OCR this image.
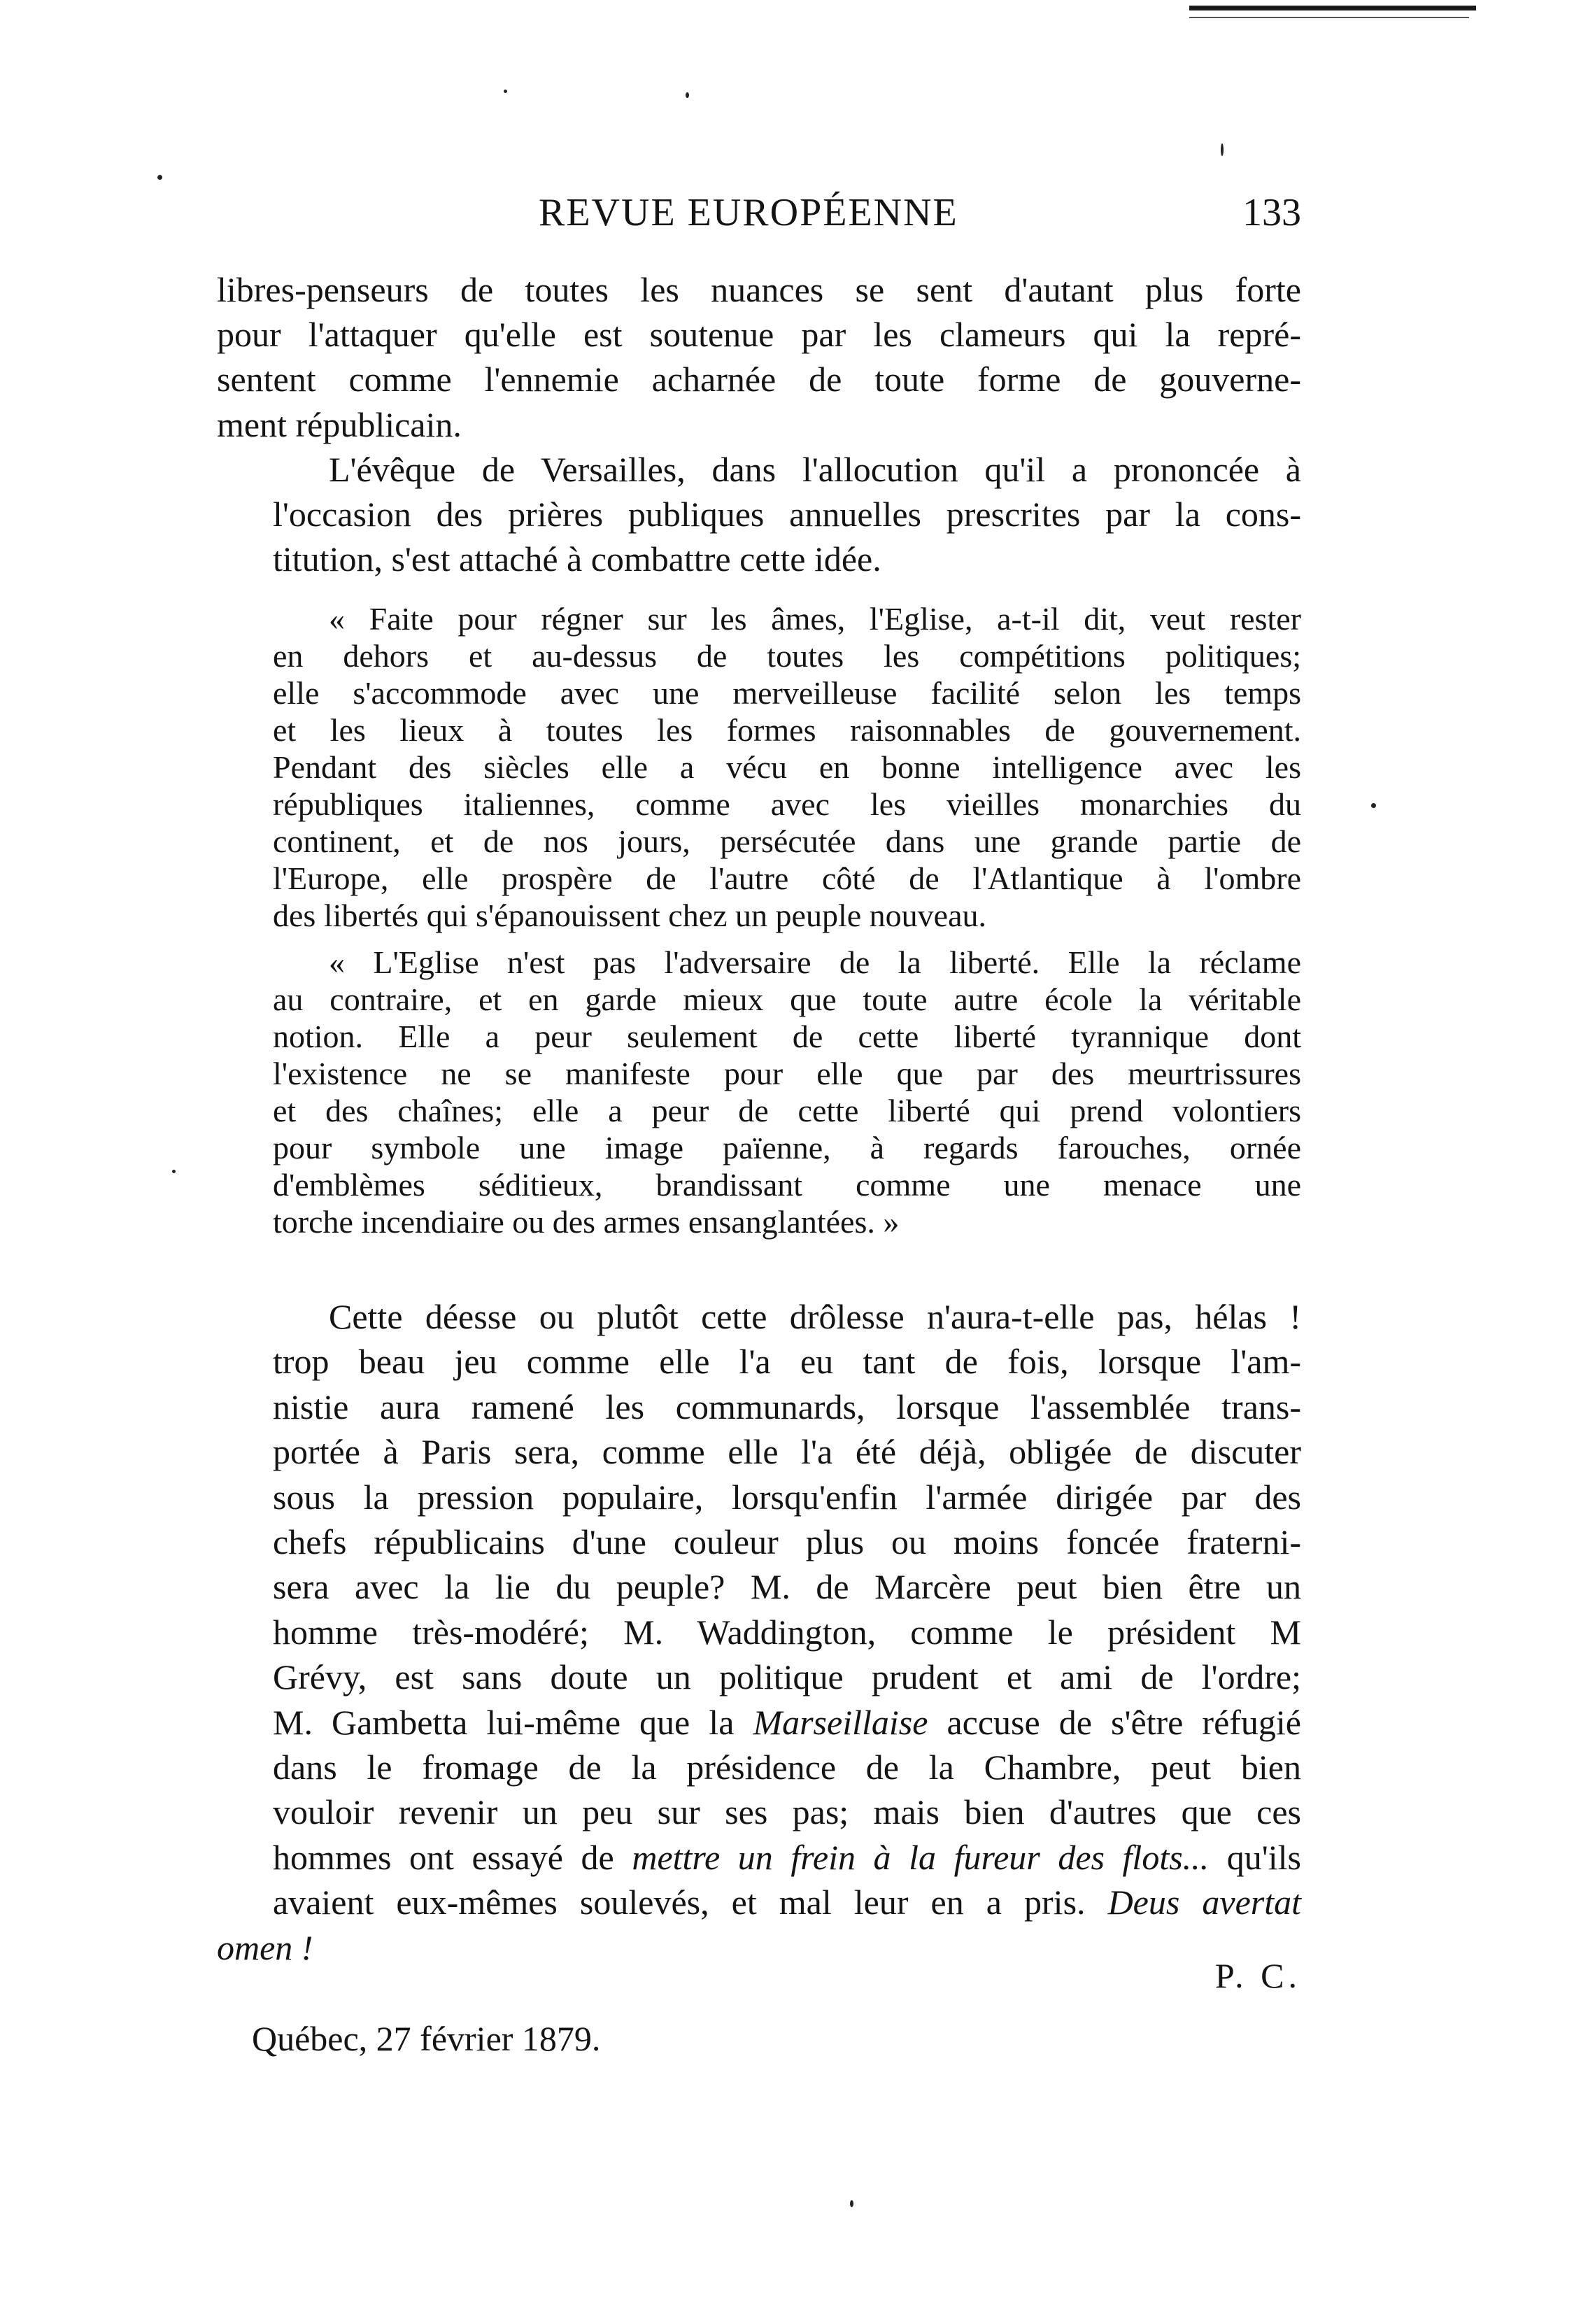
REVUE EUROPÉENNE	133

libres-penseurs de toutes les nuances se sent d'autant plus forte
pour l'attaquer qu'elle est soutenue par les clameurs qui la repré-
sentent comme l'ennemie acharnée de toute forme de gouverne-
ment républicain.

L'évêque de Versailles, dans l'allocution qu'il a prononcée à
l'occasion des prières publiques annuelles prescrites par la cons-
titution, s'est attaché à combattre cette idée.

« Faite pour régner sur les âmes, l'Eglise, a-t-il dit, veut rester
en dehors et au-dessus de toutes les compétitions politiques;
elle s'accommode avec une merveilleuse facilité selon les temps
et les lieux à toutes les formes raisonnables de gouvernement.
Pendant des siècles elle a vécu en bonne intelligence avec les
républiques italiennes, comme avec les vieilles monarchies du
continent, et de nos jours, persécutée dans une grande partie de
l'Europe, elle prospère de l'autre côté de l'Atlantique à l'ombre
des libertés qui s'épanouissent chez un peuple nouveau.

« L'Eglise n'est pas l'adversaire de la liberté. Elle la réclame
au contraire, et en garde mieux que toute autre école la véritable
notion. Elle a peur seulement de cette liberté tyrannique dont
l'existence ne se manifeste pour elle que par des meurtrissures
et des chaînes; elle a peur de cette liberté qui prend volontiers
pour symbole une image païenne, à regards farouches, ornée
d'emblèmes séditieux, brandissant comme une menace une
torche incendiaire ou des armes ensanglantées. »

Cette déesse ou plutôt cette drôlesse n'aura-t-elle pas, hélas !
trop beau jeu comme elle l'a eu tant de fois, lorsque l'am-
nistie aura ramené les communards, lorsque l'assemblée trans-
portée à Paris sera, comme elle l'a été déjà, obligée de discuter
sous la pression populaire, lorsqu'enfin l'armée dirigée par des
chefs républicains d'une couleur plus ou moins foncée fraterni-
sera avec la lie du peuple? M. de Marcère peut bien être un
homme très-modéré; M. Waddington, comme le président M
Grévy, est sans doute un politique prudent et ami de l'ordre;
M. Gambetta lui-même que la Marseillaise accuse de s'être réfugié
dans le fromage de la présidence de la Chambre, peut bien
vouloir revenir un peu sur ses pas; mais bien d'autres que ces
hommes ont essayé de mettre un frein à la fureur des flots... qu'ils
avaient eux-mêmes soulevés, et mal leur en a pris. Deus avertat
omen !

P. C.
Québec, 27 février 1879.
